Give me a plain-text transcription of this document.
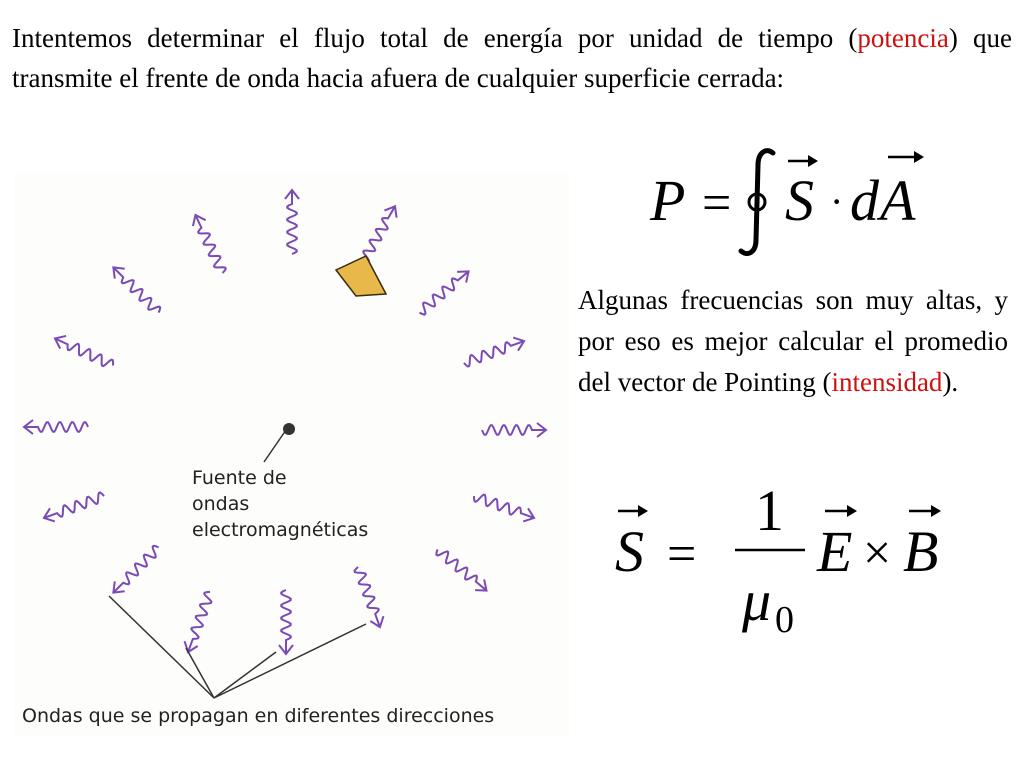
Intentemos determinar el flujo total de energía por unidad de tiempo (potencia) que transmite el frente de onda hacia afuera de cualquier superficie cerrada:

P = S · d A

Algunas frecuencias son muy altas, y por eso es mejor calcular el promedio del vector de Pointing (intensidad).

S =
1
μ 0
E × B
Fuente de
ondas
electromagnéticas
Ondas que se propagan en diferentes direcciones
